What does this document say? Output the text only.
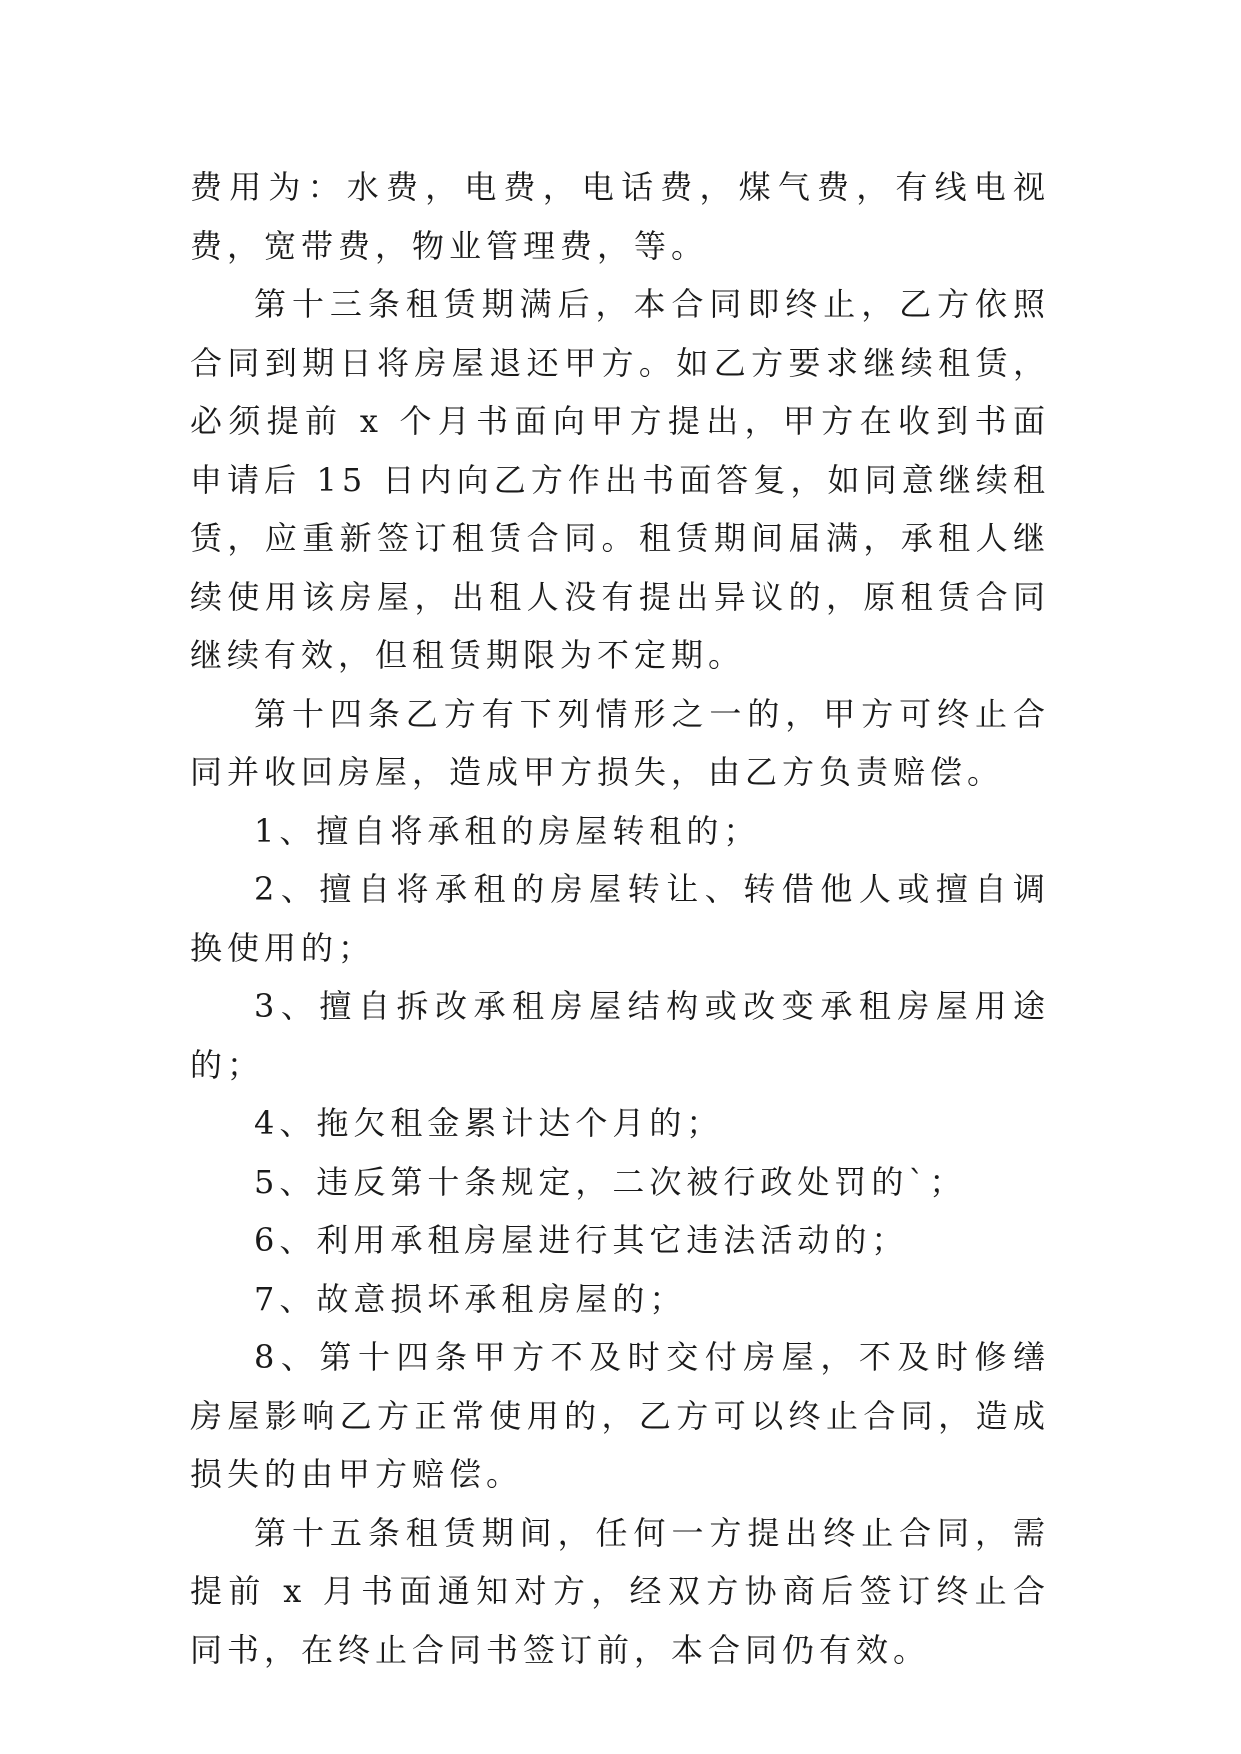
费用为：水费，电费，电话费，煤气费，有线电视费，宽带费，物业管理费，等。

第十三条租赁期满后，本合同即终止，乙方依照合同到期日将房屋退还甲方。如乙方要求继续租赁，必须提前 x 个月书面向甲方提出，甲方在收到书面申请后 15 日内向乙方作出书面答复，如同意继续租赁，应重新签订租赁合同。租赁期间届满，承租人继续使用该房屋，出租人没有提出异议的，原租赁合同继续有效，但租赁期限为不定期。

第十四条乙方有下列情形之一的，甲方可终止合同并收回房屋，造成甲方损失，由乙方负责赔偿。

1、擅自将承租的房屋转租的；

2、擅自将承租的房屋转让、转借他人或擅自调换使用的；

3、擅自拆改承租房屋结构或改变承租房屋用途的；

4、拖欠租金累计达个月的；

5、违反第十条规定，二次被行政处罚的`；

6、利用承租房屋进行其它违法活动的；

7、故意损坏承租房屋的；

8、第十四条甲方不及时交付房屋，不及时修缮房屋影响乙方正常使用的，乙方可以终止合同，造成损失的由甲方赔偿。

第十五条租赁期间，任何一方提出终止合同，需提前 x 月书面通知对方，经双方协商后签订终止合同书，在终止合同书签订前，本合同仍有效。
